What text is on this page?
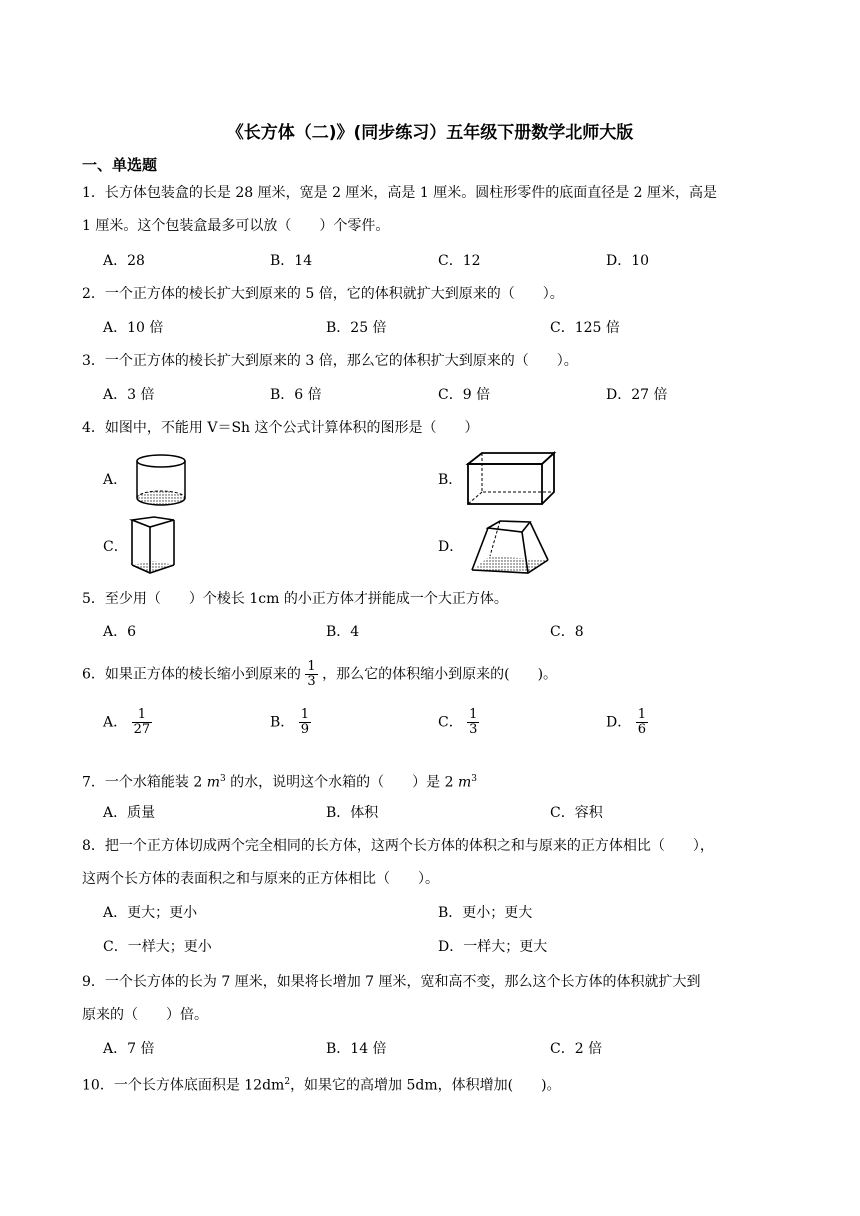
《长方体（二)》(同步练习）五年级下册数学北师大版
一、单选题
1．长方体包装盒的长是 28 厘米，宽是 2 厘米，高是 1 厘米。圆柱形零件的底面直径是 2 厘米，高是
1 厘米。这个包装盒最多可以放（　　）个零件。
A．28	B．14	C．12	D．10
2．一个正方体的棱长扩大到原来的 5 倍，它的体积就扩大到原来的（　　）。
A．10 倍	B．25 倍	C．125 倍
3．一个正方体的棱长扩大到原来的 3 倍，那么它的体积扩大到原来的（　　）。
A．3 倍	B．6 倍	C．9 倍	D．27 倍
4．如图中，不能用 V＝Sh 这个公式计算体积的图形是（　　）
A．	B．
C．	D．
5．至少用（　　）个棱长 1cm 的小正方体才拼能成一个大正方体。
A．6	B．4	C．8
6．如果正方体的棱长缩小到原来的 $\frac{1}{3}$ ，那么它的体积缩小到原来的(　　)。
A． $\frac{1}{27}$	B． $\frac{1}{9}$	C． $\frac{1}{3}$	D． $\frac{1}{6}$
7．一个水箱能装 2 $m^3$ 的水，说明这个水箱的（　　）是 2 $m^3$
A．质量	B．体积	C．容积
8．把一个正方体切成两个完全相同的长方体，这两个长方体的体积之和与原来的正方体相比（　　），
这两个长方体的表面积之和与原来的正方体相比（　　）。
A．更大；更小	B．更小；更大
C．一样大；更小	D．一样大；更大
9．一个长方体的长为 7 厘米，如果将长增加 7 厘米，宽和高不变，那么这个长方体的体积就扩大到
原来的（　　）倍。
A．7 倍	B．14 倍	C．2 倍
10．一个长方体底面积是 $12dm^2$，如果它的高增加 5dm，体积增加(　　)。
